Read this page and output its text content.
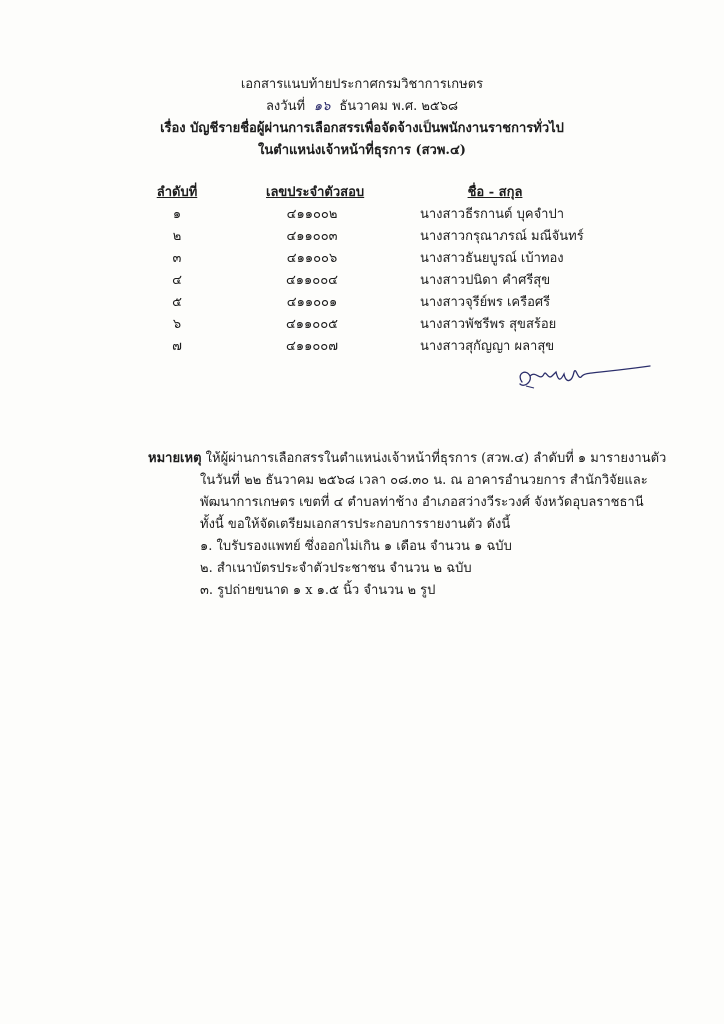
เอกสารแนบท้ายประกาศกรมวิชาการเกษตร
ลงวันที่ ๑๖ ธันวาคม พ.ศ. ๒๕๖๘
เรื่อง บัญชีรายชื่อผู้ผ่านการเลือกสรรเพื่อจัดจ้างเป็นพนักงานราชการทั่วไป
ในตำแหน่งเจ้าหน้าที่ธุรการ (สวพ.๔)
ลำดับที่	เลขประจำตัวสอบ	ชื่อ - สกุล
๑	๔๑๑๐๐๒	นางสาวธีรกานต์ บุคจำปา
๒	๔๑๑๐๐๓	นางสาวกรุณาภรณ์ มณีจันทร์
๓	๔๑๑๐๐๖	นางสาวธันยบูรณ์ เบ้าทอง
๔	๔๑๑๐๐๔	นางสาวปนิดา คำศรีสุข
๕	๔๑๑๐๐๑	นางสาวจุรีย์พร เครือศรี
๖	๔๑๑๐๐๕	นางสาวพัชรีพร สุขสร้อย
๗	๔๑๑๐๐๗	นางสาวสุกัญญา ผลาสุข
หมายเหตุ ให้ผู้ผ่านการเลือกสรรในตำแหน่งเจ้าหน้าที่ธุรการ (สวพ.๔) ลำดับที่ ๑ มารายงานตัว
ในวันที่ ๒๒ ธันวาคม ๒๕๖๘ เวลา ๐๘.๓๐ น. ณ อาคารอำนวยการ สำนักวิจัยและ
พัฒนาการเกษตร เขตที่ ๔ ตำบลท่าช้าง อำเภอสว่างวีระวงศ์ จังหวัดอุบลราชธานี
ทั้งนี้ ขอให้จัดเตรียมเอกสารประกอบการรายงานตัว ดังนี้
๑. ใบรับรองแพทย์ ซึ่งออกไม่เกิน ๑ เดือน จำนวน ๑ ฉบับ
๒. สำเนาบัตรประจำตัวประชาชน จำนวน ๒ ฉบับ
๓. รูปถ่ายขนาด ๑ x ๑.๕ นิ้ว จำนวน ๒ รูป
